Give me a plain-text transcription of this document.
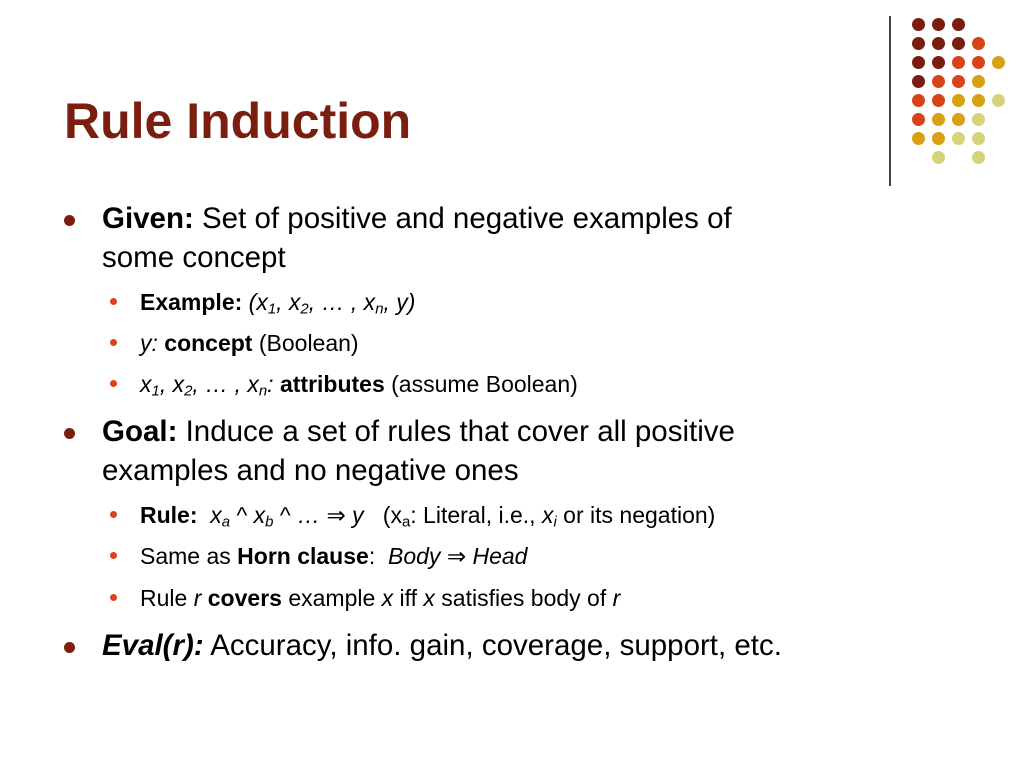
Rule Induction
Given: Set of positive and negative examples of
some concept
Example: ($x_1$, $x_2$, … , $x_n$, y)
y: concept (Boolean)
$x_1$, $x_2$, … , $x_n$: attributes (assume Boolean)
Goal: Induce a set of rules that cover all positive
examples and no negative ones
Rule: $x_a$ ^ $x_b$ ^ … ⇒ y ($x_a$: Literal, i.e., $x_i$ or its negation)
Same as Horn clause: Body ⇒ Head
Rule r covers example x iff x satisfies body of r
Eval(r): Accuracy, info. gain, coverage, support, etc.
